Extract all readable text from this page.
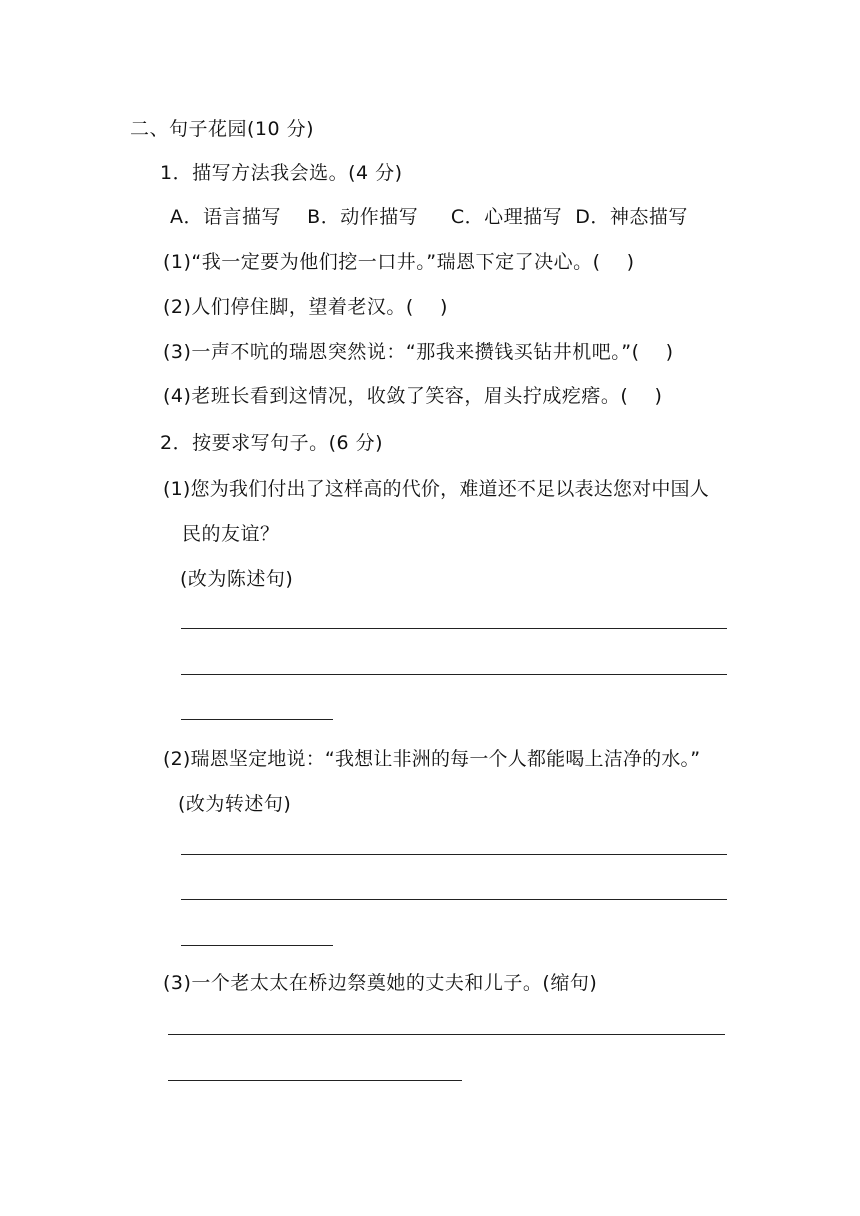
二、句子花园(10 分)
1．描写方法我会选。(4 分)
A．语言描写    B．动作描写     C．心理描写  D．神态描写
(1)“我一定要为他们挖一口井。”瑞恩下定了决心。(    )
(2)人们停住脚，望着老汉。(    )
(3)一声不吭的瑞恩突然说：“那我来攒钱买钻井机吧。”(    )
(4)老班长看到这情况，收敛了笑容，眉头拧成疙瘩。(    )
2．按要求写句子。(6 分)
(1)您为我们付出了这样高的代价，难道还不足以表达您对中国人
民的友谊？
(改为陈述句)
(2)瑞恩坚定地说：“我想让非洲的每一个人都能喝上洁净的水。”
(改为转述句)
(3)一个老太太在桥边祭奠她的丈夫和儿子。(缩句)
